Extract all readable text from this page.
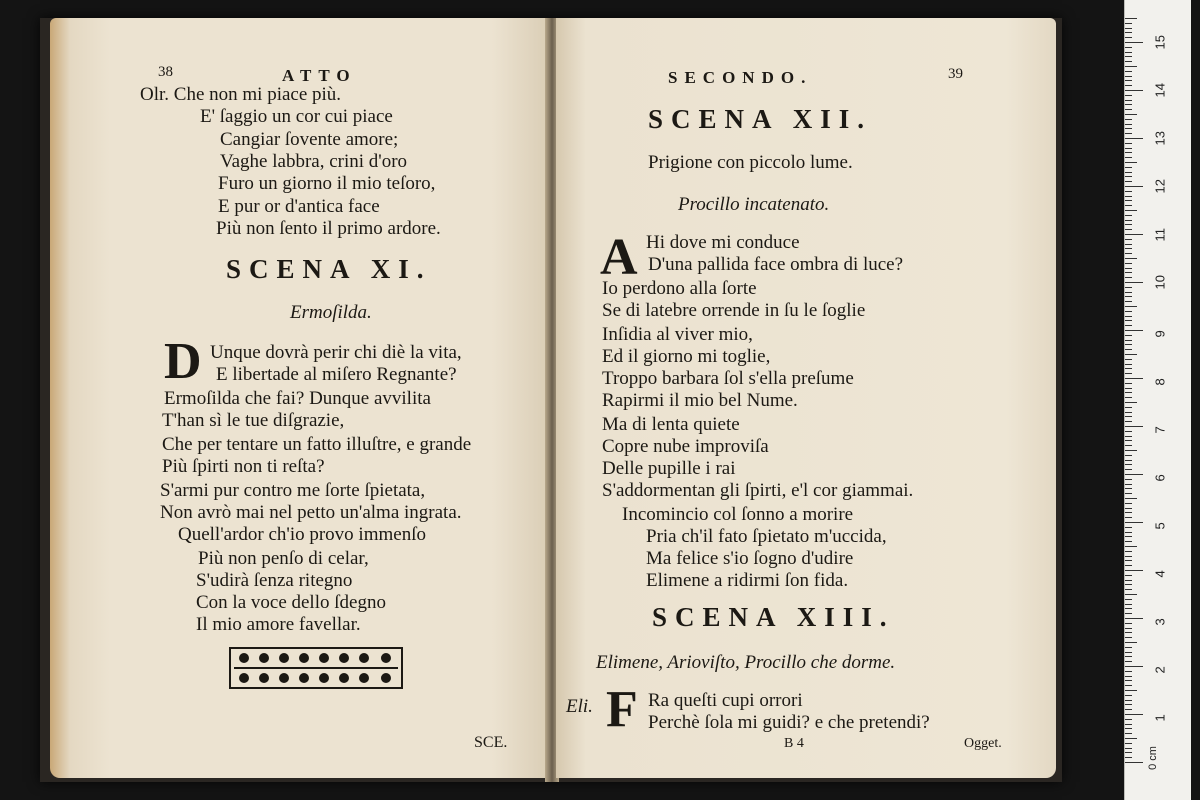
38	ATTO
Olr. Che non mi piace più.
E' ſaggio un cor cui piace
Cangiar ſovente amore;
Vaghe labbra, crini d'oro
Furo un giorno il mio teſoro,
E pur or d'antica face
Più non ſento il primo ardore.
SCENA XI.
Ermoſilda.
D Unque dovrà perir chi diè la vita,
E libertade al miſero Regnante?
Ermoſilda che fai? Dunque avvilita
T'han sì le tue diſgrazie,
Che per tentare un fatto illuſtre, e grande
Più ſpirti non ti reſta?
S'armi pur contro me ſorte ſpietata,
Non avrò mai nel petto un'alma ingrata.
Quell'ardor ch'io provo immenſo
Più non penſo di celar,
S'udirà ſenza ritegno
Con la voce dello ſdegno
Il mio amore favellar.
SCE.
SECONDO.	39
SCENA XII.
Prigione con piccolo lume.
Procillo incatenato.
A Hi dove mi conduce
D'una pallida face ombra di luce?
Io perdono alla ſorte
Se di latebre orrende in ſu le ſoglie
Inſidia al viver mio,
Ed il giorno mi toglie,
Troppo barbara ſol s'ella preſume
Rapirmi il mio bel Nume.
Ma di lenta quiete
Copre nube improviſa
Delle pupille i rai
S'addormentan gli ſpirti, e'l cor giammai.
Incomincio col ſonno a morire
Pria ch'il fato ſpietato m'uccida,
Ma felice s'io ſogno d'udire
Elimene a ridirmi ſon fida.
SCENA XIII.
Elimene, Arioviſto, Procillo che dorme.
Eli. F Ra queſti cupi orrori
Perchè ſola mi guidi? e che pretendi?
B 4	Ogget.
1
2
3
4
5
6
7
8
9
10
11
12
13
14
15
0 cm
